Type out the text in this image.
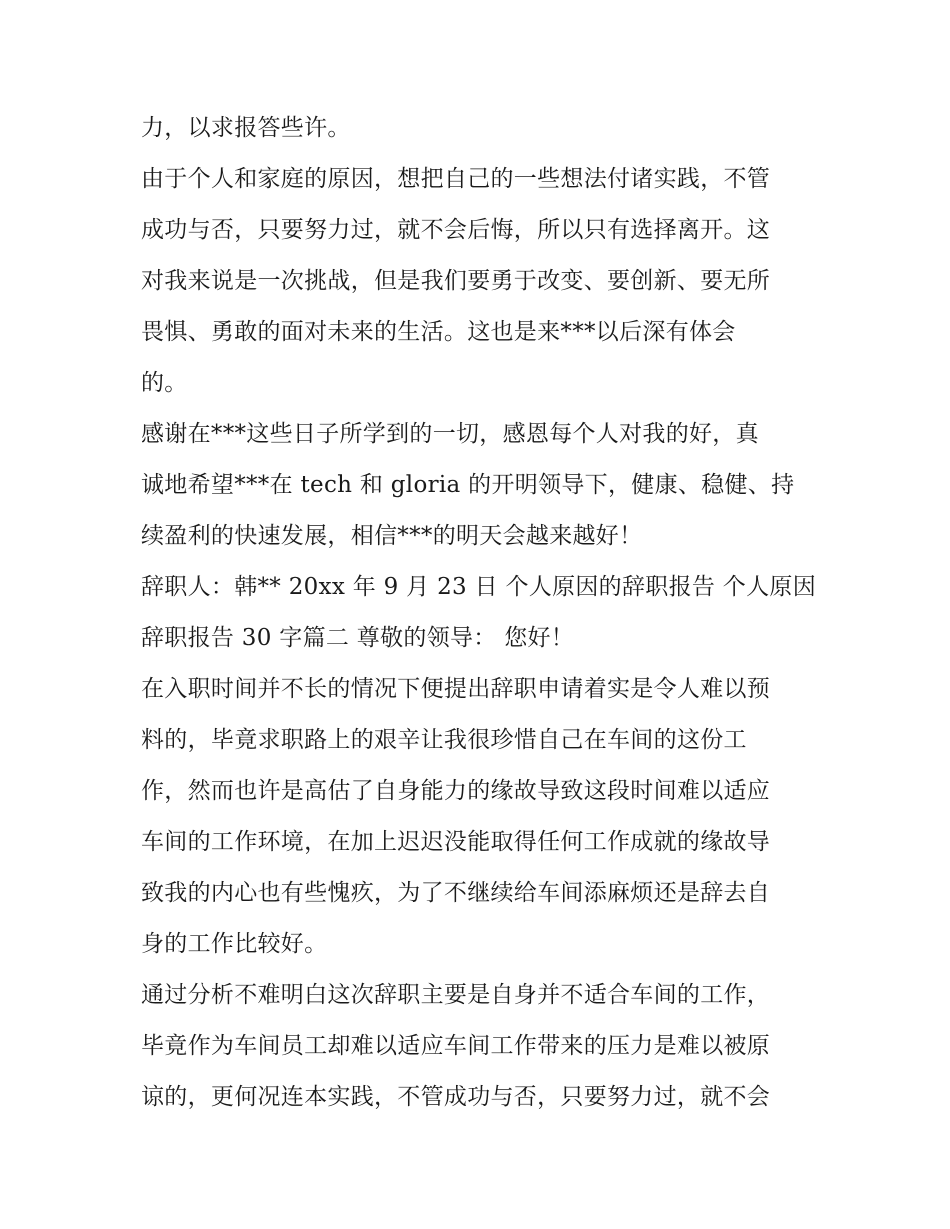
力，以求报答些许。
由于个人和家庭的原因，想把自己的一些想法付诸实践，不管
成功与否，只要努力过，就不会后悔，所以只有选择离开。这
对我来说是一次挑战，但是我们要勇于改变、要创新、要无所
畏惧、勇敢的面对未来的生活。这也是来***以后深有体会
的。
感谢在***这些日子所学到的一切，感恩每个人对我的好，真
诚地希望***在 tech 和 gloria 的开明领导下，健康、稳健、持
续盈利的快速发展，相信***的明天会越来越好！
辞职人：韩** 20xx 年 9 月 23 日 个人原因的辞职报告 个人原因
辞职报告 30 字篇二 尊敬的领导： 您好！
在入职时间并不长的情况下便提出辞职申请着实是令人难以预
料的，毕竟求职路上的艰辛让我很珍惜自己在车间的这份工
作，然而也许是高估了自身能力的缘故导致这段时间难以适应
车间的工作环境，在加上迟迟没能取得任何工作成就的缘故导
致我的内心也有些愧疚，为了不继续给车间添麻烦还是辞去自
身的工作比较好。
通过分析不难明白这次辞职主要是自身并不适合车间的工作，
毕竟作为车间员工却难以适应车间工作带来的压力是难以被原
谅的，更何况连本实践，不管成功与否，只要努力过，就不会
